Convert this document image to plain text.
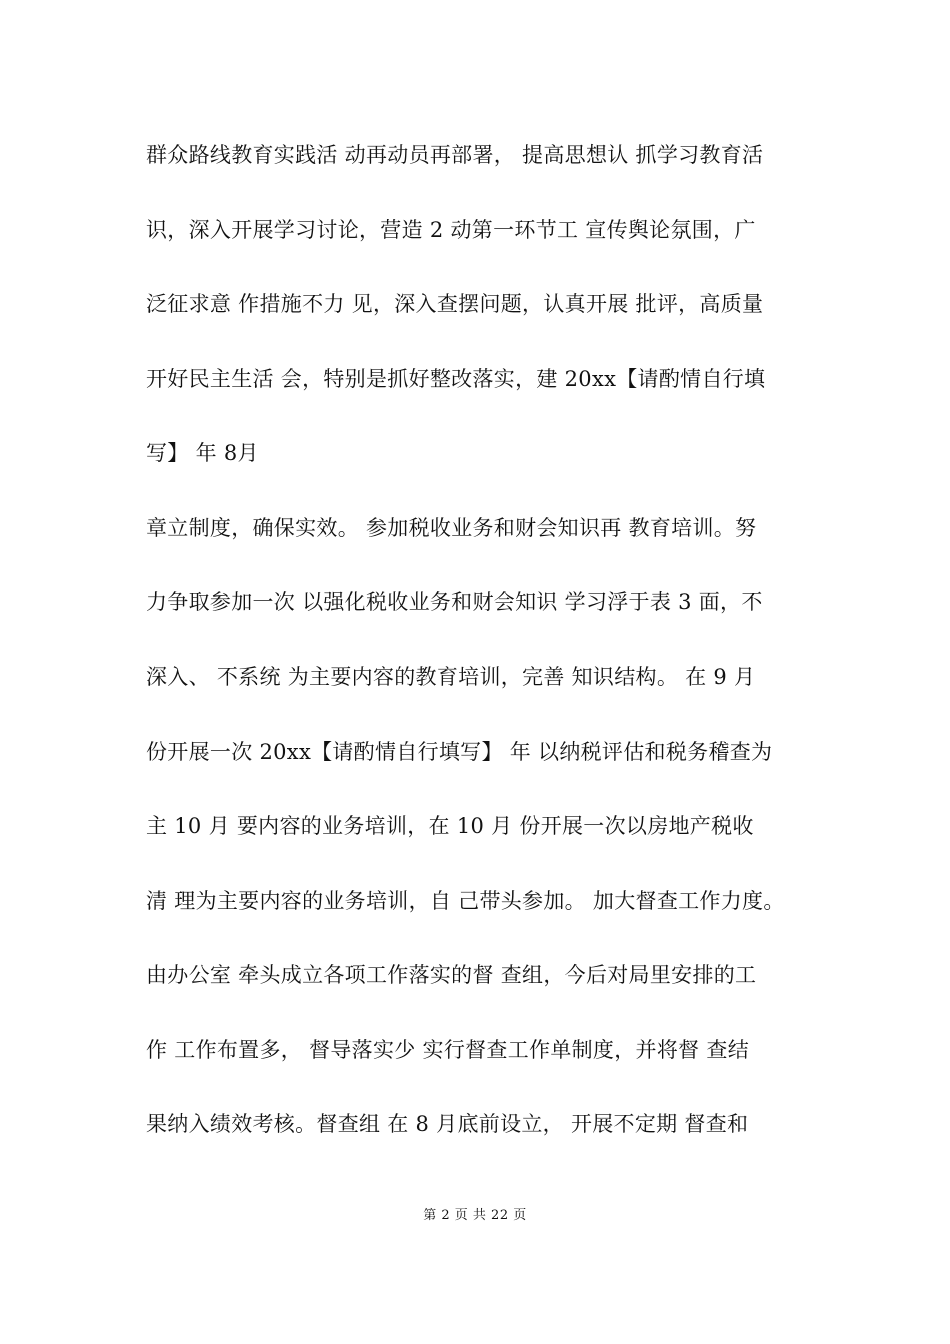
群众路线教育实践活 动再动员再部署， 提高思想认 抓学习教育活
识，深入开展学习讨论，营造 2 动第一环节工 宣传舆论氛围，广
泛征求意 作措施不力 见，深入查摆问题，认真开展 批评，高质量
开好民主生活 会，特别是抓好整改落实，建 20xx【请酌情自行填
写】 年 8月
章立制度，确保实效。 参加税收业务和财会知识再 教育培训。努
力争取参加一次 以强化税收业务和财会知识 学习浮于表 3 面，不
深入、 不系统 为主要内容的教育培训，完善 知识结构。 在 9 月
份开展一次 20xx【请酌情自行填写】 年 以纳税评估和税务稽查为
主 10 月 要内容的业务培训，在 10 月 份开展一次以房地产税收
清 理为主要内容的业务培训，自 己带头参加。 加大督查工作力度。
由办公室 牵头成立各项工作落实的督 查组，今后对局里安排的工
作 工作布置多， 督导落实少 实行督查工作单制度，并将督 查结
果纳入绩效考核。督查组 在 8 月底前设立， 开展不定期 督查和
第 2 页 共 22 页
